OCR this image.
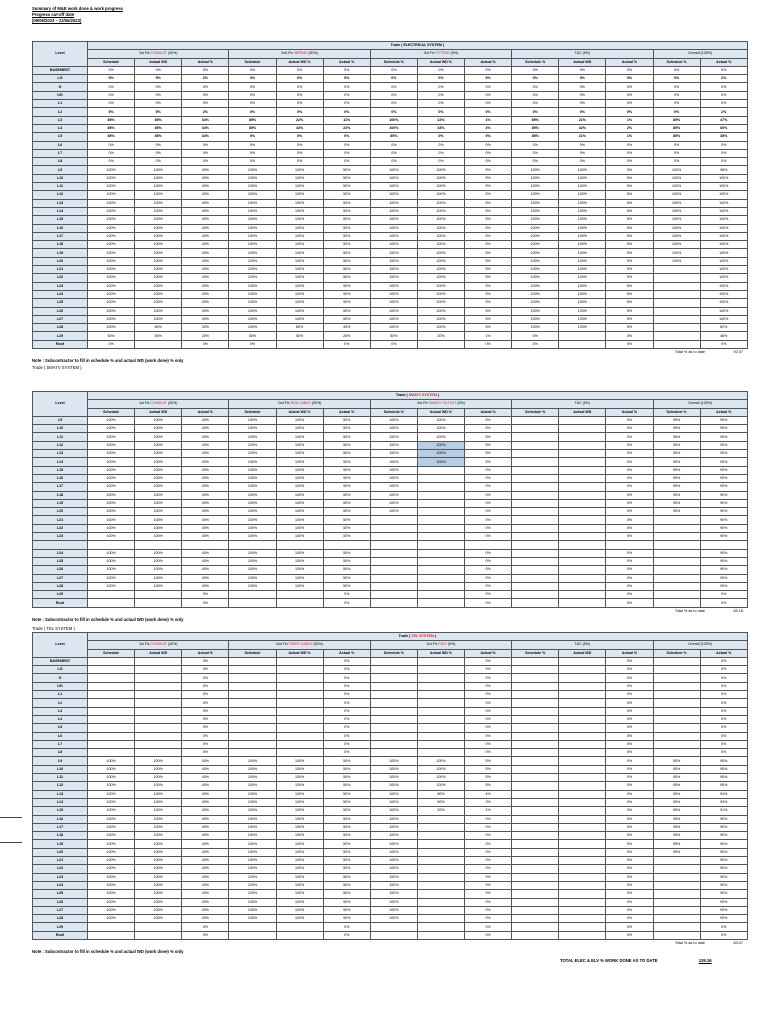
Summary of M&E work done & work progress
Progress cut-off date
(09/06/2023 – 22/06/2023)
Level	Trade ( ELECTRICAL SYSTEM )													
	1st Fix CONDUIT (40%)			2nd Fix WIRING (50%)			3rd Fix FITTING (5%)			T&C (5%)			Overall (100%)	
	Schedule	Actual WD	Actual %	Schedule	Actual WD %	Actual %	Schedule %	Actual WD %	Actual %	Schedule %	Actual WD	Actual %	Schedule %	Actual %
BASEMENT	0%	0%	0%	0%	0%	0%	0%	0%	0%	0%	0%	0%	0%	0%
LG	5%	5%	2%	0%	0%	0%	0%	0%	0%	0%	0%	0%	0%	2%
G	0%	0%	0%	0%	0%	0%	0%	0%	0%	0%	0%	0%	0%	0%
UG	0%	0%	0%	0%	0%	0%	0%	0%	0%	0%	0%	0%	0%	0%
L1	0%	0%	0%	0%	0%	0%	0%	0%	0%	0%	0%	0%	0%	0%
L2	5%	5%	2%	0%	0%	0%	0%	0%	0%	0%	0%	0%	0%	2%
L3	85%	85%	34%	85%	22%	11%	100%	22%	1%	85%	21%	1%	85%	47%
L4	85%	85%	34%	85%	43%	22%	100%	43%	2%	85%	42%	2%	85%	60%
L5	85%	85%	34%	0%	0%	0%	85%	0%	0%	85%	21%	1%	85%	35%
L6	0%	0%	0%	0%	0%	0%	0%	0%	0%	0%	0%	0%	0%	0%
L7	0%	0%	0%	0%	0%	0%	0%	0%	0%	0%	0%	0%	0%	0%
L8	0%	0%	0%	0%	0%	0%	0%	0%	0%	0%	0%	0%	0%	0%
L9	100%	100%	40%	100%	100%	50%	100%	100%	5%	100%	100%	3%	100%	98%
L10	100%	100%	40%	100%	100%	50%	100%	100%	5%	100%	100%	5%	100%	100%
L11	100%	100%	40%	100%	100%	50%	100%	100%	5%	100%	100%	5%	100%	100%
L12	100%	100%	40%	100%	100%	50%	100%	100%	5%	100%	100%	5%	100%	100%
L13	100%	100%	40%	100%	100%	50%	100%	100%	5%	100%	100%	5%	100%	100%
L14	100%	100%	40%	100%	100%	50%	100%	100%	5%	100%	100%	5%	100%	100%
L15	100%	100%	40%	100%	100%	50%	100%	100%	5%	100%	100%	5%	100%	100%
L16	100%	100%	40%	100%	100%	50%	100%	100%	5%	100%	100%	5%	100%	100%
L17	100%	100%	40%	100%	100%	50%	100%	100%	5%	100%	100%	5%	100%	100%
L18	100%	100%	40%	100%	100%	50%	100%	100%	5%	100%	100%	5%	100%	100%
L19	100%	100%	40%	100%	100%	50%	100%	100%	5%	100%	100%	5%	100%	100%
L20	100%	100%	40%	100%	100%	50%	100%	100%	5%	100%	100%	5%	100%	100%
L21	100%	100%	40%	100%	100%	50%	100%	100%	5%	100%	100%	5%		100%
L22	100%	100%	40%	100%	100%	50%	100%	100%	5%	100%	100%	5%		100%
L23	100%	100%	40%	100%	100%	50%	100%	100%	5%	100%	100%	5%		100%
L24	100%	100%	40%	100%	100%	50%	100%	100%	5%	100%	100%	5%		100%
L25	100%	100%	40%	100%	100%	50%	100%	100%	5%	100%	100%	5%		100%
L26	100%	100%	40%	100%	100%	50%	100%	100%	5%	100%	100%	5%		100%
L27	100%	100%	40%	100%	100%	50%	100%	100%	5%	100%	100%	5%		100%
L28	100%	80%	32%	100%	80%	40%	100%	100%	5%	100%	100%	5%		82%
L29	50%	50%	20%	50%	50%	25%	50%	20%	1%	0%		0%		46%
Roof	0%		0%	0%		0%	0%		0%	0%		0%		0%
Total % as to date	92.07
Note : Subcontractor to fill in schedule % and actual WD (work done) % only
Trade ( SMATV SYSTEM )
Level	Trade ( SMATV SYSTEM )													
	1st Fix CONDUIT (40%)			2nd Fix RG6 CABLE (50%)			3rd Fix SMATV OUTLET (5%)			T&C (5%)			Overall (100%)	
	Schedule	Actual WD	Actual %	Schedule	Actual WD %	Actual %	Schedule %	Actual WD %	Actual %	Schedule %	Actual WD	Actual %	Schedule %	Actual %
L9	100%	100%	40%	100%	100%	50%	100%	100%	5%			0%	95%	95%
L10	100%	100%	40%	100%	100%	50%	100%	100%	5%			0%	95%	95%
L11	100%	100%	40%	100%	100%	50%	100%	100%	5%			0%	95%	95%
L12	100%	100%	40%	100%	100%	50%	100%	100%	5%			0%	95%	95%
L13	100%	100%	40%	100%	100%	50%	100%	100%	5%			0%	95%	95%
L14	100%	100%	40%	100%	100%	50%	100%	100%	5%			0%	95%	95%
L15	100%	100%	40%	100%	100%	50%	100%		0%			0%	95%	90%
L16	100%	100%	40%	100%	100%	50%	100%		0%			0%	95%	90%
L17	100%	100%	40%	100%	100%	50%	100%		0%			0%	95%	90%
L18	100%	100%	40%	100%	100%	50%	100%		0%			0%	95%	90%
L19	100%	100%	40%	100%	100%	50%	100%		0%			0%	95%	90%
L20	100%	100%	40%	100%	100%	50%	100%		0%			0%	95%	90%
L21	100%	100%	40%	100%	100%	50%			0%			0%		90%
L22	100%	100%	40%	100%	100%	50%			0%			0%		90%
L23	100%	100%	40%	100%	100%	50%			0%			0%		90%

L24	100%	100%	40%	100%	100%	50%			0%			0%		90%
L25	100%	100%	40%	100%	100%	50%			0%			0%		90%
L26	100%	100%	40%	100%	100%	50%			0%			0%		90%
L27	100%	100%	40%	100%	100%	50%			0%			0%		90%
L28	100%	100%	40%	100%	100%	50%			0%			0%		90%
L29			0%			0%			0%			0%		0%
Roof			0%			0%			0%			0%		0%
Total % as to date	83.18
Note : Subcontractor to fill in schedule % and actual WD (work done) % only
Trade ( TEL SYSTEM )
Level	Trade ( TEL SYSTEM )													
	1st Fix CONDUIT (40%)			2nd Fix FIBER CABLE (50%)			3rd Fix FWO (5%)			T&C (5%)			Overall (100%)	
	Schedule	Actual WD	Actual %	Schedule	Actual WD %	Actual %	Schedule %	Actual WD %	Actual %	Schedule %	Actual WD	Actual %	Schedule %	Actual %
BASEMENT			0%			0%			0%			0%		0%
LG			0%			0%			0%			0%		0%
G			0%			0%			0%			0%		0%
UG			0%			0%			0%			0%		0%
L1			0%			0%			0%			0%		0%
L2			0%			0%			0%			0%		0%
L3			0%			0%			0%			0%		0%
L4			0%			0%			0%			0%		0%
L5			0%			0%			0%			0%		0%
L6			0%			0%			0%			0%		0%
L7			0%			0%			0%			0%		0%
L8			0%			0%			0%			0%		0%
L9	100%	100%	40%	100%	100%	50%	100%	100%	5%			0%	95%	95%
L10	100%	100%	40%	100%	100%	50%	100%	100%	5%			0%	95%	95%
L11	100%	100%	40%	100%	100%	50%	100%	100%	5%			0%	95%	95%
L12	100%	100%	40%	100%	100%	50%	100%	100%	5%			0%	95%	95%
L13	100%	100%	40%	100%	100%	50%	100%	80%	4%			0%	95%	94%
L14	100%	100%	40%	100%	100%	50%	100%	50%	3%			0%	95%	93%
L15	100%	100%	40%	100%	100%	50%	100%	20%	1%			0%	95%	91%
L16	100%	100%	40%	100%	100%	50%	100%		0%			0%	95%	90%
L17	100%	100%	40%	100%	100%	50%	100%		0%			0%	95%	90%
L18	100%	100%	40%	100%	100%	50%	100%		0%			0%	95%	90%
L19	100%	100%	40%	100%	100%	50%	100%		0%			0%	95%	90%
L20	100%	100%	40%	100%	100%	50%	100%		0%			0%	95%	90%
L21	100%	100%	40%	100%	100%	50%	100%		0%			0%		90%
L22	100%	100%	40%	100%	100%	50%	100%		0%			0%		90%
L23	100%	100%	40%	100%	100%	50%	100%		0%			0%		90%
L24	100%	100%	40%	100%	100%	50%	100%		0%			0%		90%
L25	100%	100%	40%	100%	100%	50%	100%		0%			0%		90%
L26	100%	100%	40%	100%	100%	50%	100%		0%			0%		90%
L27	100%	100%	40%	100%	100%	50%	100%		0%			0%		90%
L28	100%	100%	40%	100%	100%	50%	100%		0%			0%		90%
L29			0%			0%			0%			0%		0%
Roof			0%			0%			0%			0%		0%
Total % as to date	83.07
Note : Subcontractor to fill in schedule % and actual WD (work done) % only
TOTAL ELEC & ELV % WORK DONE AS TO DATE	129.16
